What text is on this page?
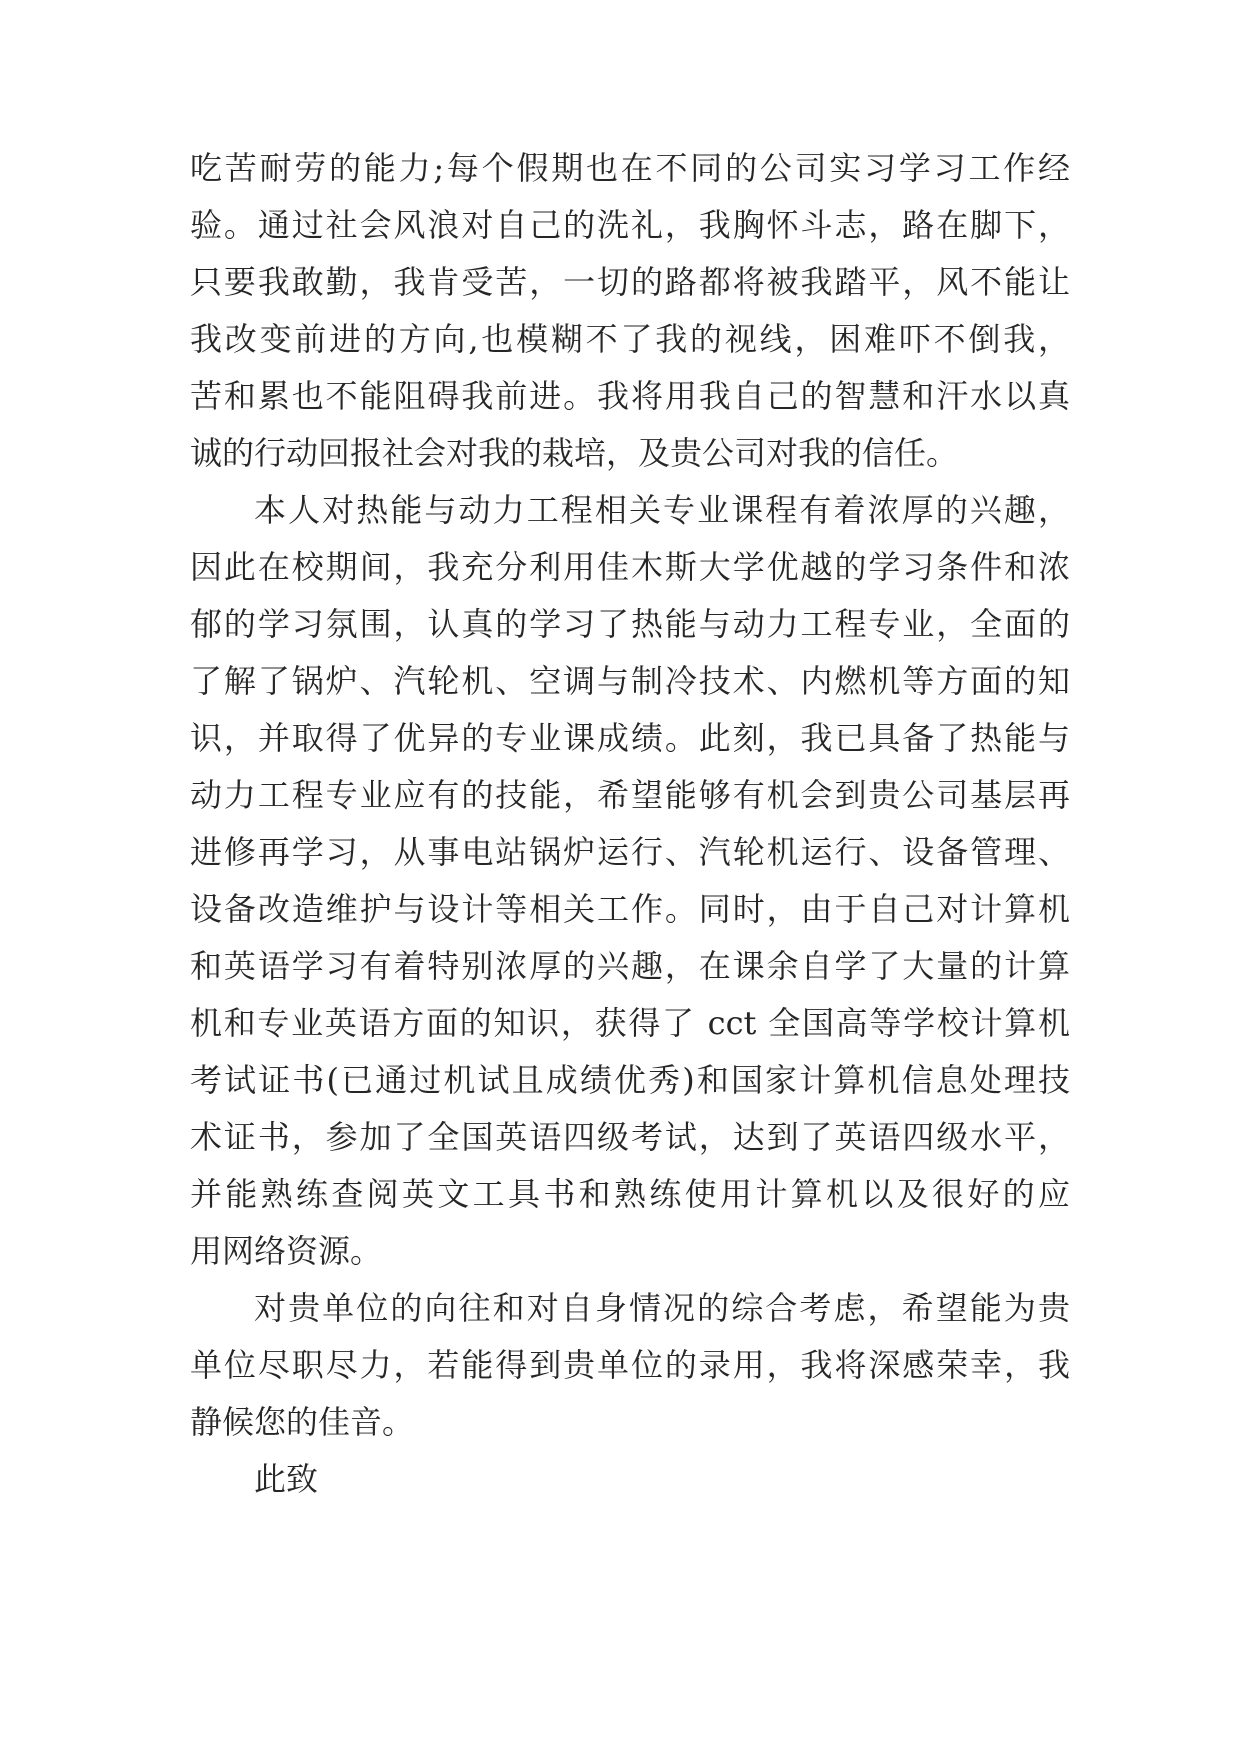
吃苦耐劳的能力;每个假期也在不同的公司实习学习工作经

验。通过社会风浪对自己的洗礼，我胸怀斗志，路在脚下，

只要我敢勤，我肯受苦，一切的路都将被我踏平，风不能让

我改变前进的方向,也模糊不了我的视线，困难吓不倒我，

苦和累也不能阻碍我前进。我将用我自己的智慧和汗水以真

诚的行动回报社会对我的栽培，及贵公司对我的信任。

本人对热能与动力工程相关专业课程有着浓厚的兴趣，

因此在校期间，我充分利用佳木斯大学优越的学习条件和浓

郁的学习氛围，认真的学习了热能与动力工程专业，全面的

了解了锅炉、汽轮机、空调与制冷技术、内燃机等方面的知

识，并取得了优异的专业课成绩。此刻，我已具备了热能与

动力工程专业应有的技能，希望能够有机会到贵公司基层再

进修再学习，从事电站锅炉运行、汽轮机运行、设备管理、

设备改造维护与设计等相关工作。同时，由于自己对计算机

和英语学习有着特别浓厚的兴趣，在课余自学了大量的计算

机和专业英语方面的知识，获得了 cct 全国高等学校计算机

考试证书(已通过机试且成绩优秀)和国家计算机信息处理技

术证书，参加了全国英语四级考试，达到了英语四级水平，

并能熟练查阅英文工具书和熟练使用计算机以及很好的应

用网络资源。

对贵单位的向往和对自身情况的综合考虑，希望能为贵

单位尽职尽力，若能得到贵单位的录用，我将深感荣幸，我

静候您的佳音。

此致
